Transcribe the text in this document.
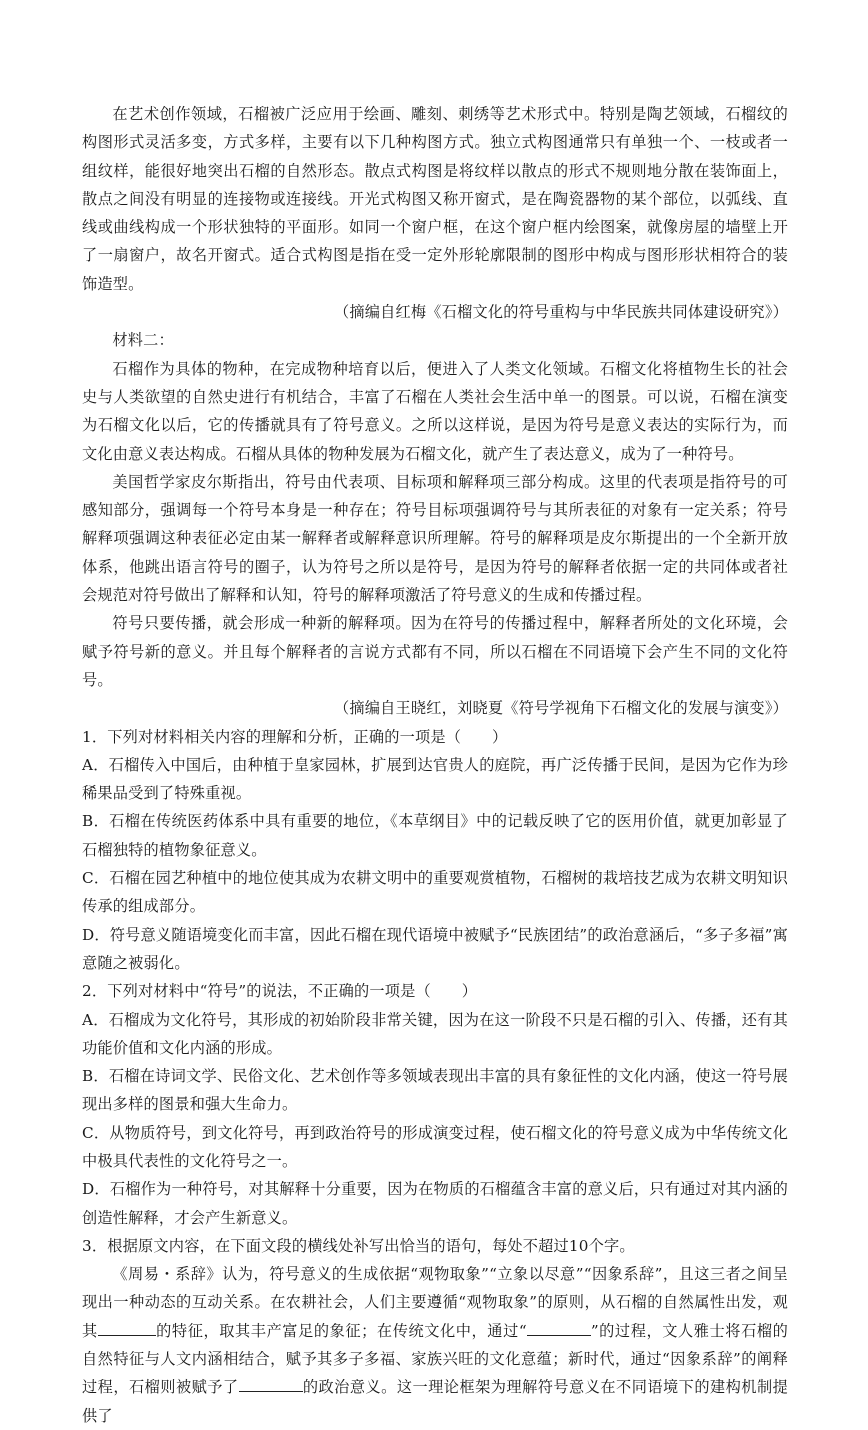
在艺术创作领域，石榴被广泛应用于绘画、雕刻、刺绣等艺术形式中。特别是陶艺领域，石榴纹的构图形式灵活多变，方式多样，主要有以下几种构图方式。独立式构图通常只有单独一个、一枝或者一组纹样，能很好地突出石榴的自然形态。散点式构图是将纹样以散点的形式不规则地分散在装饰面上，散点之间没有明显的连接物或连接线。开光式构图又称开窗式，是在陶瓷器物的某个部位，以弧线、直线或曲线构成一个形状独特的平面形。如同一个窗户框，在这个窗户框内绘图案，就像房屋的墙壁上开了一扇窗户，故名开窗式。适合式构图是指在受一定外形轮廓限制的图形中构成与图形形状相符合的装饰造型。

（摘编自红梅《石榴文化的符号重构与中华民族共同体建设研究》）

材料二：

石榴作为具体的物种，在完成物种培育以后，便进入了人类文化领域。石榴文化将植物生长的社会史与人类欲望的自然史进行有机结合，丰富了石榴在人类社会生活中单一的图景。可以说，石榴在演变为石榴文化以后，它的传播就具有了符号意义。之所以这样说，是因为符号是意义表达的实际行为，而文化由意义表达构成。石榴从具体的物种发展为石榴文化，就产生了表达意义，成为了一种符号。

美国哲学家皮尔斯指出，符号由代表项、目标项和解释项三部分构成。这里的代表项是指符号的可感知部分，强调每一个符号本身是一种存在；符号目标项强调符号与其所表征的对象有一定关系；符号解释项强调这种表征必定由某一解释者或解释意识所理解。符号的解释项是皮尔斯提出的一个全新开放体系，他跳出语言符号的圈子，认为符号之所以是符号，是因为符号的解释者依据一定的共同体或者社会规范对符号做出了解释和认知，符号的解释项激活了符号意义的生成和传播过程。

符号只要传播，就会形成一种新的解释项。因为在符号的传播过程中，解释者所处的文化环境，会赋予符号新的意义。并且每个解释者的言说方式都有不同，所以石榴在不同语境下会产生不同的文化符号。

（摘编自王晓红，刘晓夏《符号学视角下石榴文化的发展与演变》）

1．下列对材料相关内容的理解和分析，正确的一项是（　　）

A．石榴传入中国后，由种植于皇家园林，扩展到达官贵人的庭院，再广泛传播于民间，是因为它作为珍稀果品受到了特殊重视。

B．石榴在传统医药体系中具有重要的地位，《本草纲目》中的记载反映了它的医用价值，就更加彰显了石榴独特的植物象征意义。

C．石榴在园艺种植中的地位使其成为农耕文明中的重要观赏植物，石榴树的栽培技艺成为农耕文明知识传承的组成部分。

D．符号意义随语境变化而丰富，因此石榴在现代语境中被赋予“民族团结”的政治意涵后，“多子多福”寓意随之被弱化。

2．下列对材料中“符号”的说法，不正确的一项是（　　）

A．石榴成为文化符号，其形成的初始阶段非常关键，因为在这一阶段不只是石榴的引入、传播，还有其功能价值和文化内涵的形成。

B．石榴在诗词文学、民俗文化、艺术创作等多领域表现出丰富的具有象征性的文化内涵，使这一符号展现出多样的图景和强大生命力。

C．从物质符号，到文化符号，再到政治符号的形成演变过程，使石榴文化的符号意义成为中华传统文化中极具代表性的文化符号之一。

D．石榴作为一种符号，对其解释十分重要，因为在物质的石榴蕴含丰富的意义后，只有通过对其内涵的创造性解释，才会产生新意义。

3．根据原文内容，在下面文段的横线处补写出恰当的语句，每处不超过10个字。

《周易・系辞》认为，符号意义的生成依据“观物取象”“立象以尽意”“因象系辞”，且这三者之间呈现出一种动态的互动关系。在农耕社会，人们主要遵循“观物取象”的原则，从石榴的自然属性出发，观其	的特征，取其丰产富足的象征；在传统文化中，通过“	”的过程，文人雅士将石榴的自然特征与人文内涵相结合，赋予其多子多福、家族兴旺的文化意蕴；新时代，通过“因象系辞”的阐释过程，石榴则被赋予了	的政治意义。这一理论框架为理解符号意义在不同语境下的建构机制提供了
